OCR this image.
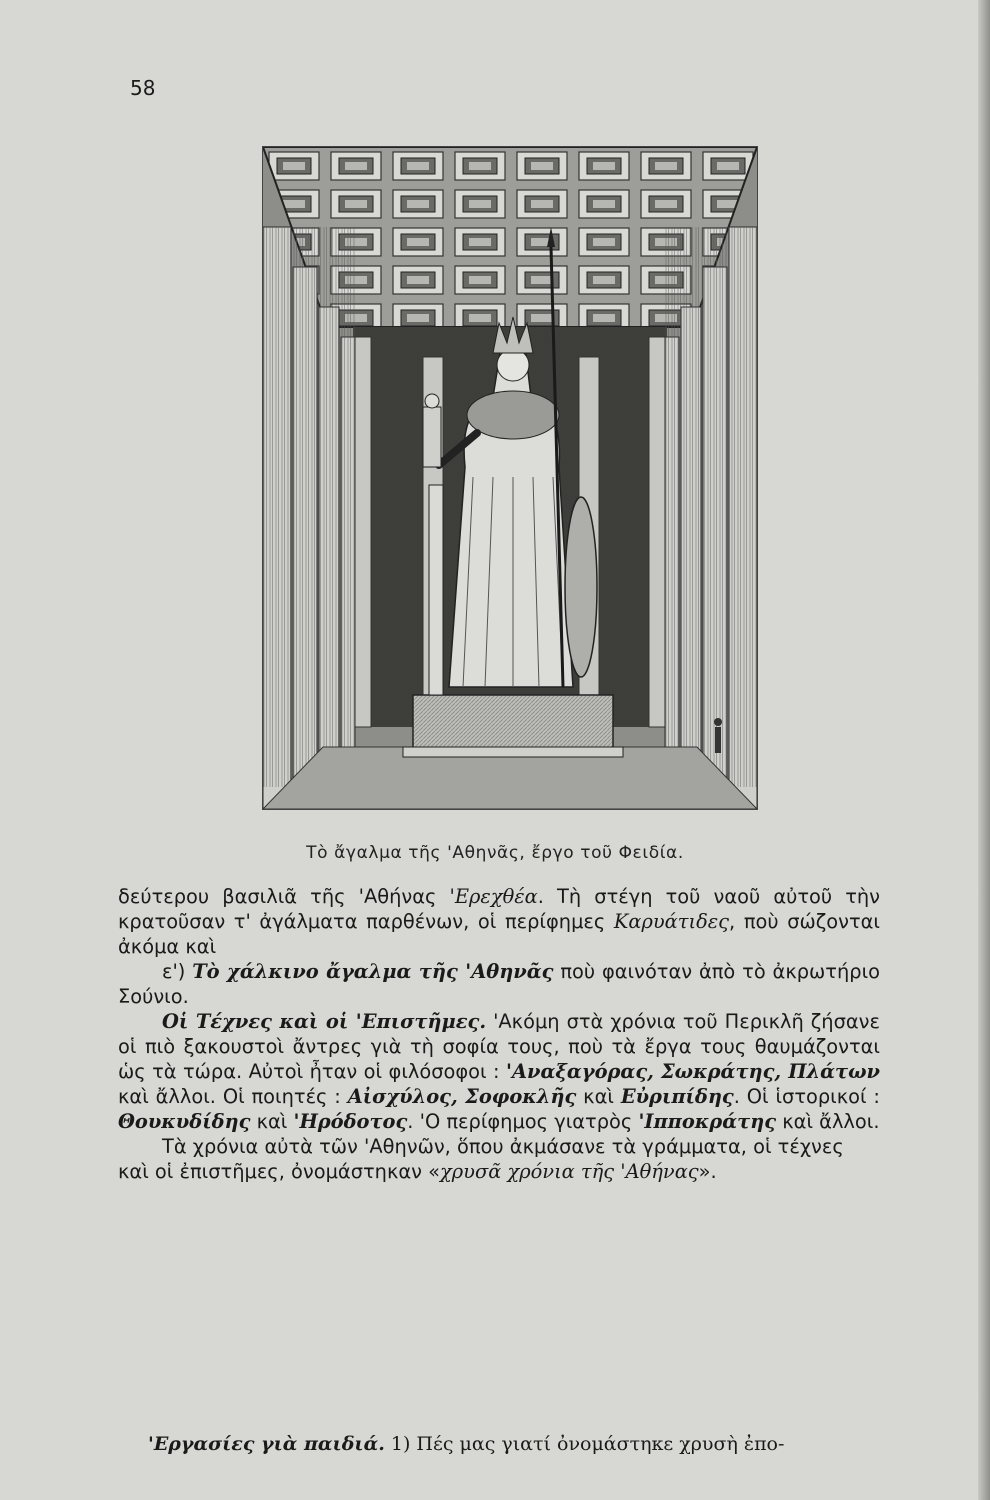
58
Τὸ ἄγαλμα τῆς 'Αθηνᾶς, ἔργο τοῦ Φειδία.

δεύτερου βασιλιᾶ τῆς 'Αθήνας 'Ερεχθέα. Τὴ στέγη τοῦ ναοῦ αὐτοῦ τὴν κρατοῦσαν τ' ἀγάλματα παρθένων, οἱ περίφημες Καρυάτιδες, ποὺ σώζονται ἀκόμα καὶ

ε') Τὸ χάλκινο ἄγαλμα τῆς 'Αθηνᾶς ποὺ φαινόταν ἀπὸ τὸ ἀκρωτήριο Σούνιο.

Οἱ Τέχνες καὶ οἱ 'Επιστῆμες. 'Ακόμη στὰ χρόνια τοῦ Περικλῆ ζήσανε οἱ πιὸ ξακουστοὶ ἄντρες γιὰ τὴ σοφία τους, ποὺ τὰ ἔργα τους θαυμάζονται ὡς τὰ τώρα. Αὐτοὶ ἦταν οἱ φιλόσοφοι : 'Αναξαγόρας, Σωκράτης, Πλάτων καὶ ἄλλοι. Οἱ ποιητές : Αἰσχύλος, Σοφοκλῆς καὶ Εὐριπίδης. Οἱ ἱστορικοί : Θουκυδίδης καὶ 'Ηρόδοτος. 'Ο περίφημος γιατρὸς 'Ιπποκράτης καὶ ἄλλοι.

Τὰ χρόνια αὐτὰ τῶν 'Αθηνῶν, ὅπου ἀκμάσανε τὰ γράμματα, οἱ τέχνες καὶ οἱ ἐπιστῆμες, ὀνομάστηκαν «χρυσᾶ χρόνια τῆς 'Αθήνας».

'Εργασίες γιὰ παιδιά. 1) Πές μας γιατί ὀνομάστηκε χρυσὴ ἐπο-
